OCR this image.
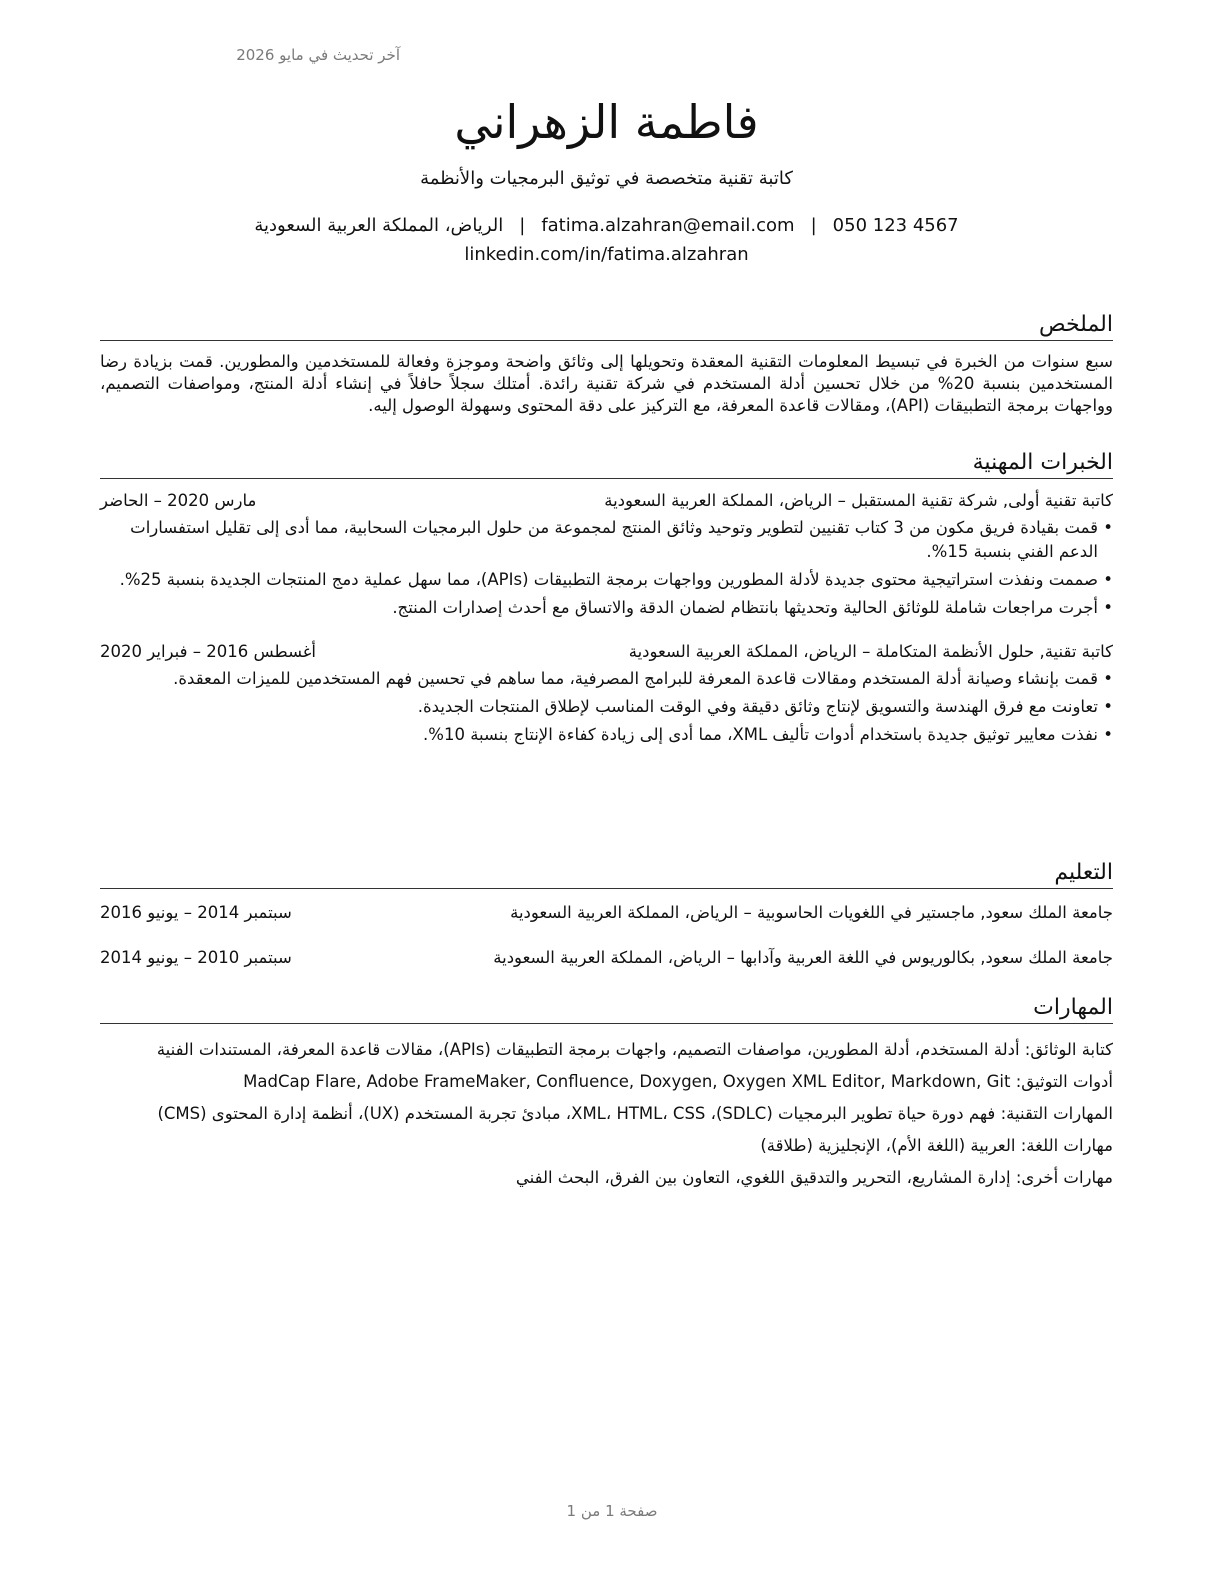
آخر تحديث في مايو 2026
فاطمة الزهراني
كاتبة تقنية متخصصة في توثيق البرمجيات والأنظمة
الرياض، المملكة العربية السعودية | fatima.alzahran@email.com | 050 123 4567
linkedin.com/in/fatima.alzahran
الملخص
سبع سنوات من الخبرة في تبسيط المعلومات التقنية المعقدة وتحويلها إلى وثائق واضحة وموجزة وفعالة للمستخدمين والمطورين. قمت بزيادة رضا المستخدمين بنسبة 20% من خلال تحسين أدلة المستخدم في شركة تقنية رائدة. أمتلك سجلاً حافلاً في إنشاء أدلة المنتج، ومواصفات التصميم، وواجهات برمجة التطبيقات (API)، ومقالات قاعدة المعرفة، مع التركيز على دقة المحتوى وسهولة الوصول إليه.
الخبرات المهنية
كاتبة تقنية أولى, شركة تقنية المستقبل – الرياض، المملكة العربية السعودية
مارس 2020 – الحاضر
• قمت بقيادة فريق مكون من 3 كتاب تقنيين لتطوير وتوحيد وثائق المنتج لمجموعة من حلول البرمجيات السحابية، مما أدى إلى تقليل استفسارات الدعم الفني بنسبة 15%.
• صممت ونفذت استراتيجية محتوى جديدة لأدلة المطورين وواجهات برمجة التطبيقات (APIs)، مما سهل عملية دمج المنتجات الجديدة بنسبة 25%.
• أجرت مراجعات شاملة للوثائق الحالية وتحديثها بانتظام لضمان الدقة والاتساق مع أحدث إصدارات المنتج.
كاتبة تقنية, حلول الأنظمة المتكاملة – الرياض، المملكة العربية السعودية
أغسطس 2016 – فبراير 2020
• قمت بإنشاء وصيانة أدلة المستخدم ومقالات قاعدة المعرفة للبرامج المصرفية، مما ساهم في تحسين فهم المستخدمين للميزات المعقدة.
• تعاونت مع فرق الهندسة والتسويق لإنتاج وثائق دقيقة وفي الوقت المناسب لإطلاق المنتجات الجديدة.
• نفذت معايير توثيق جديدة باستخدام أدوات تأليف XML، مما أدى إلى زيادة كفاءة الإنتاج بنسبة 10%.
التعليم
جامعة الملك سعود, ماجستير في اللغويات الحاسوبية – الرياض، المملكة العربية السعودية
سبتمبر 2014 – يونيو 2016
جامعة الملك سعود, بكالوريوس في اللغة العربية وآدابها – الرياض، المملكة العربية السعودية
سبتمبر 2010 – يونيو 2014
المهارات
كتابة الوثائق: أدلة المستخدم، أدلة المطورين، مواصفات التصميم، واجهات برمجة التطبيقات (APIs)، مقالات قاعدة المعرفة، المستندات الفنية
أدوات التوثيق: MadCap Flare, Adobe FrameMaker, Confluence, Doxygen, Oxygen XML Editor, Markdown, Git
المهارات التقنية: فهم دورة حياة تطوير البرمجيات (SDLC)، XML، HTML، CSS، مبادئ تجربة المستخدم (UX)، أنظمة إدارة المحتوى (CMS)
مهارات اللغة: العربية (اللغة الأم)، الإنجليزية (طلاقة)
مهارات أخرى: إدارة المشاريع، التحرير والتدقيق اللغوي، التعاون بين الفرق، البحث الفني
صفحة 1 من 1
